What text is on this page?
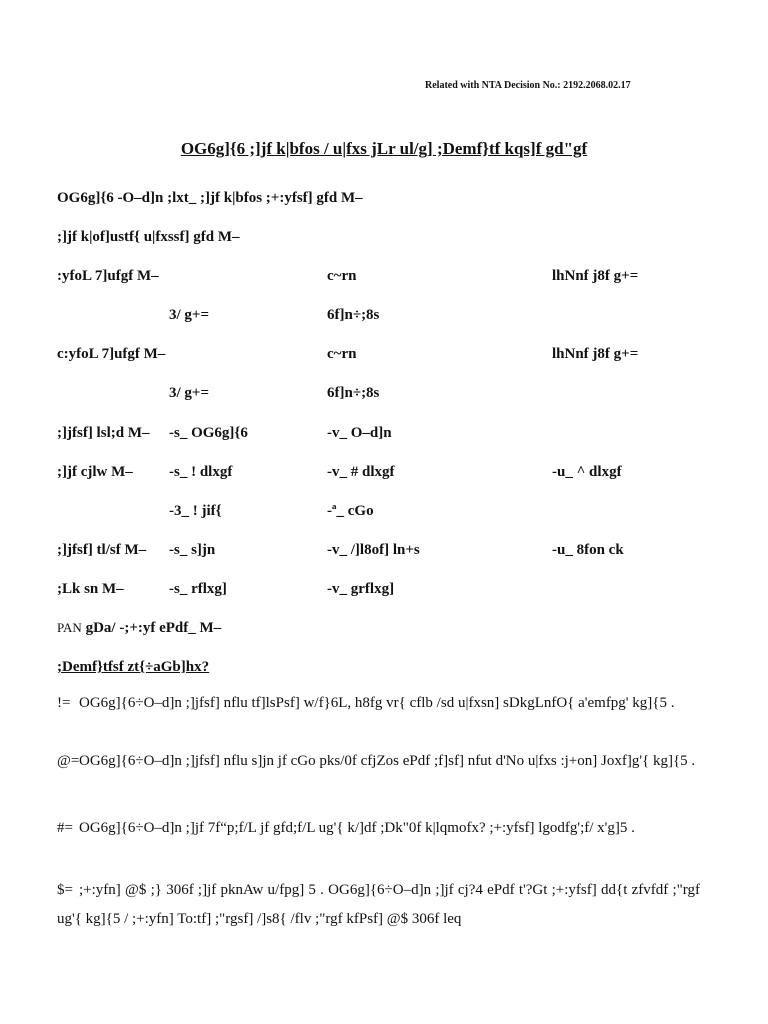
Related with NTA Decision No.: 2192.2068.02.17
OG6g]{6 ;]jf k|bfos / u|fxs jLr ul/g] ;Demf}tf kqs]f gd"gf
OG6g]{6 -O–d]n ;lxt_ ;]jf k|bfos ;+:yfsf] gfd M–
;]jf k|of]ustf{ u|fxssf] gfd M–
:yfoL 7]ufgf M–	c~rn	lhNnf j8f g+=
3/ g+=	6f]n÷;8s
c:yfoL 7]ufgf M–	c~rn	lhNnf j8f g+=
3/ g+=	6f]n÷;8s
;]jfsf] lsl;d M– -s_ OG6g]{6	-v_ O–d]n
;]jf cjlw M– -s_ ! dlxgf	-v_ # dlxgf	-u_ ^ dlxgf
-3_ ! jif{	-ª_ cGo
;]jfsf] tl/sf M– -s_ s]jn	-v_ /]l8of] ln+s	-u_ 8fon ck
;Lk sn M–	-s_ rflxg]	-v_ grflxg]
PAN gDa/ -;+:yf ePdf_ M–
;Demf}tfsf zt{÷aGb]hx?
!= OG6g]{6÷O–d]n ;]jfsf] nflu tf]lsPsf] w/f}6L, h8fg vr{ cflb /sd u|fxsn] sDkgLnfO{ a'emfpg' kg]{5 .
@= OG6g]{6÷O–d]n ;]jfsf] nflu s]jn jf cGo pks/0f cfjZos ePdf ;f]sf] nfut d'No u|fxs :j+on] Joxf]g'{ kg]{5 .
#= OG6g]{6÷O–d]n ;]jf 7f“p;f/L jf gfd;f/L ug'{ k/]df ;Dk"0f k|lqmofx? ;+:yfsf] lgodfg';f/ x'g]5 .
$= ;+:yfn] @$ ;} 306f ;]jf pknAw u/fpg] 5 . OG6g]{6÷O–d]n ;]jf cj?4 ePdf t'?Gt ;+:yfsf] dd{t zfvfdf ;"rgf ug'{ kg]{5 / ;+:yfn] To:tf] ;"rgsf] /]s8{ /flv ;"rgf kfPsf] @$ 306f leq
